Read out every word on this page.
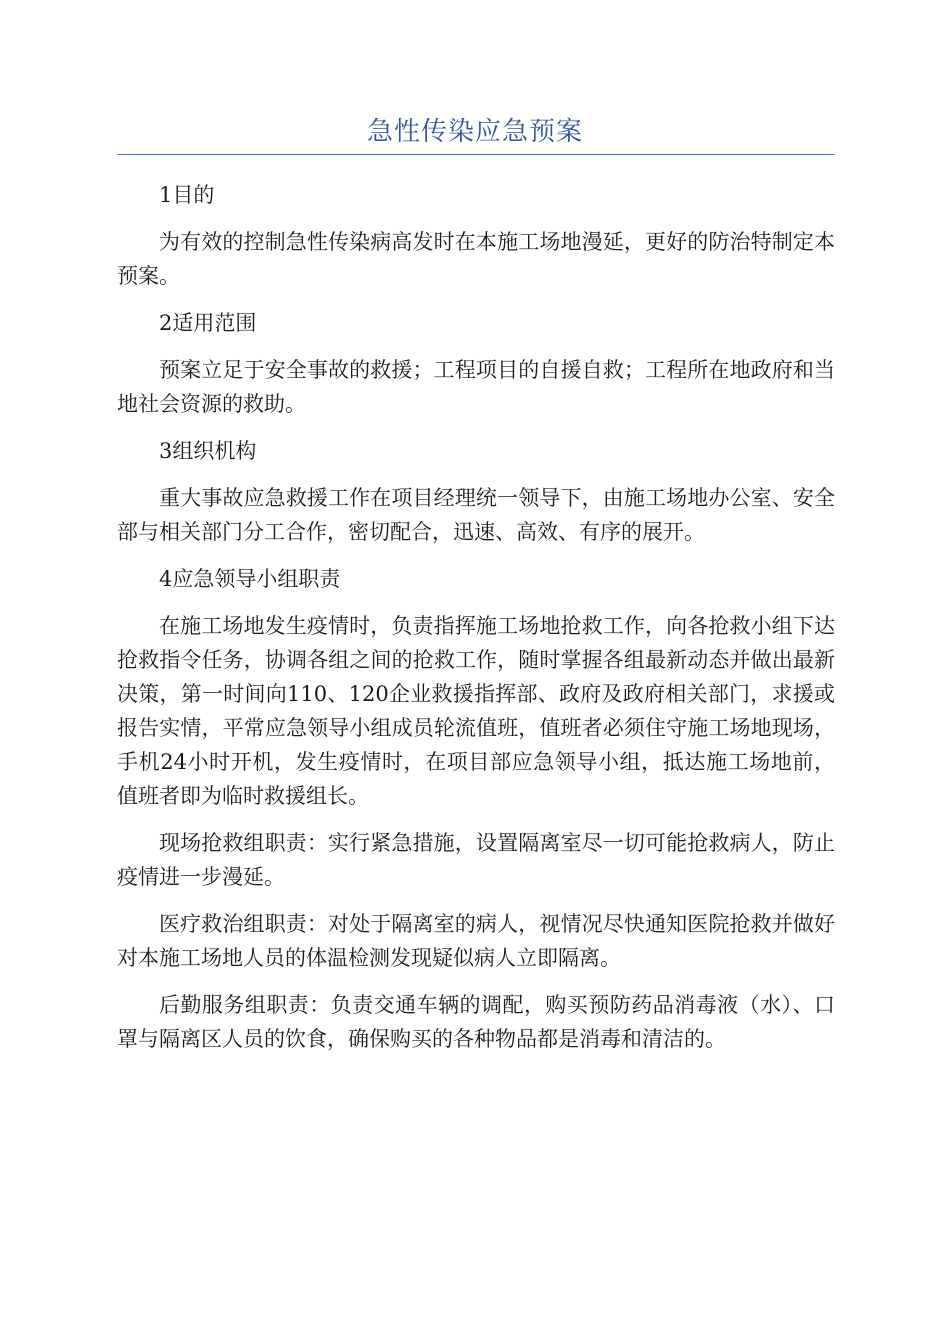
急性传染应急预案

1目的

为有效的控制急性传染病高发时在本施工场地漫延，更好的防治特制定本预案。

2适用范围

预案立足于安全事故的救援；工程项目的自援自救；工程所在地政府和当地社会资源的救助。

3组织机构

重大事故应急救援工作在项目经理统一领导下，由施工场地办公室、安全部与相关部门分工合作，密切配合，迅速、高效、有序的展开。

4应急领导小组职责

在施工场地发生疫情时，负责指挥施工场地抢救工作，向各抢救小组下达抢救指令任务，协调各组之间的抢救工作，随时掌握各组最新动态并做出最新决策，第一时间向110、120企业救援指挥部、政府及政府相关部门，求援或报告实情，平常应急领导小组成员轮流值班，值班者必须住守施工场地现场，手机24小时开机，发生疫情时，在项目部应急领导小组，抵达施工场地前，值班者即为临时救援组长。

现场抢救组职责：实行紧急措施，设置隔离室尽一切可能抢救病人，防止疫情进一步漫延。

医疗救治组职责：对处于隔离室的病人，视情况尽快通知医院抢救并做好对本施工场地人员的体温检测发现疑似病人立即隔离。

后勤服务组职责：负责交通车辆的调配，购买预防药品消毒液（水）、口罩与隔离区人员的饮食，确保购买的各种物品都是消毒和清洁的。
